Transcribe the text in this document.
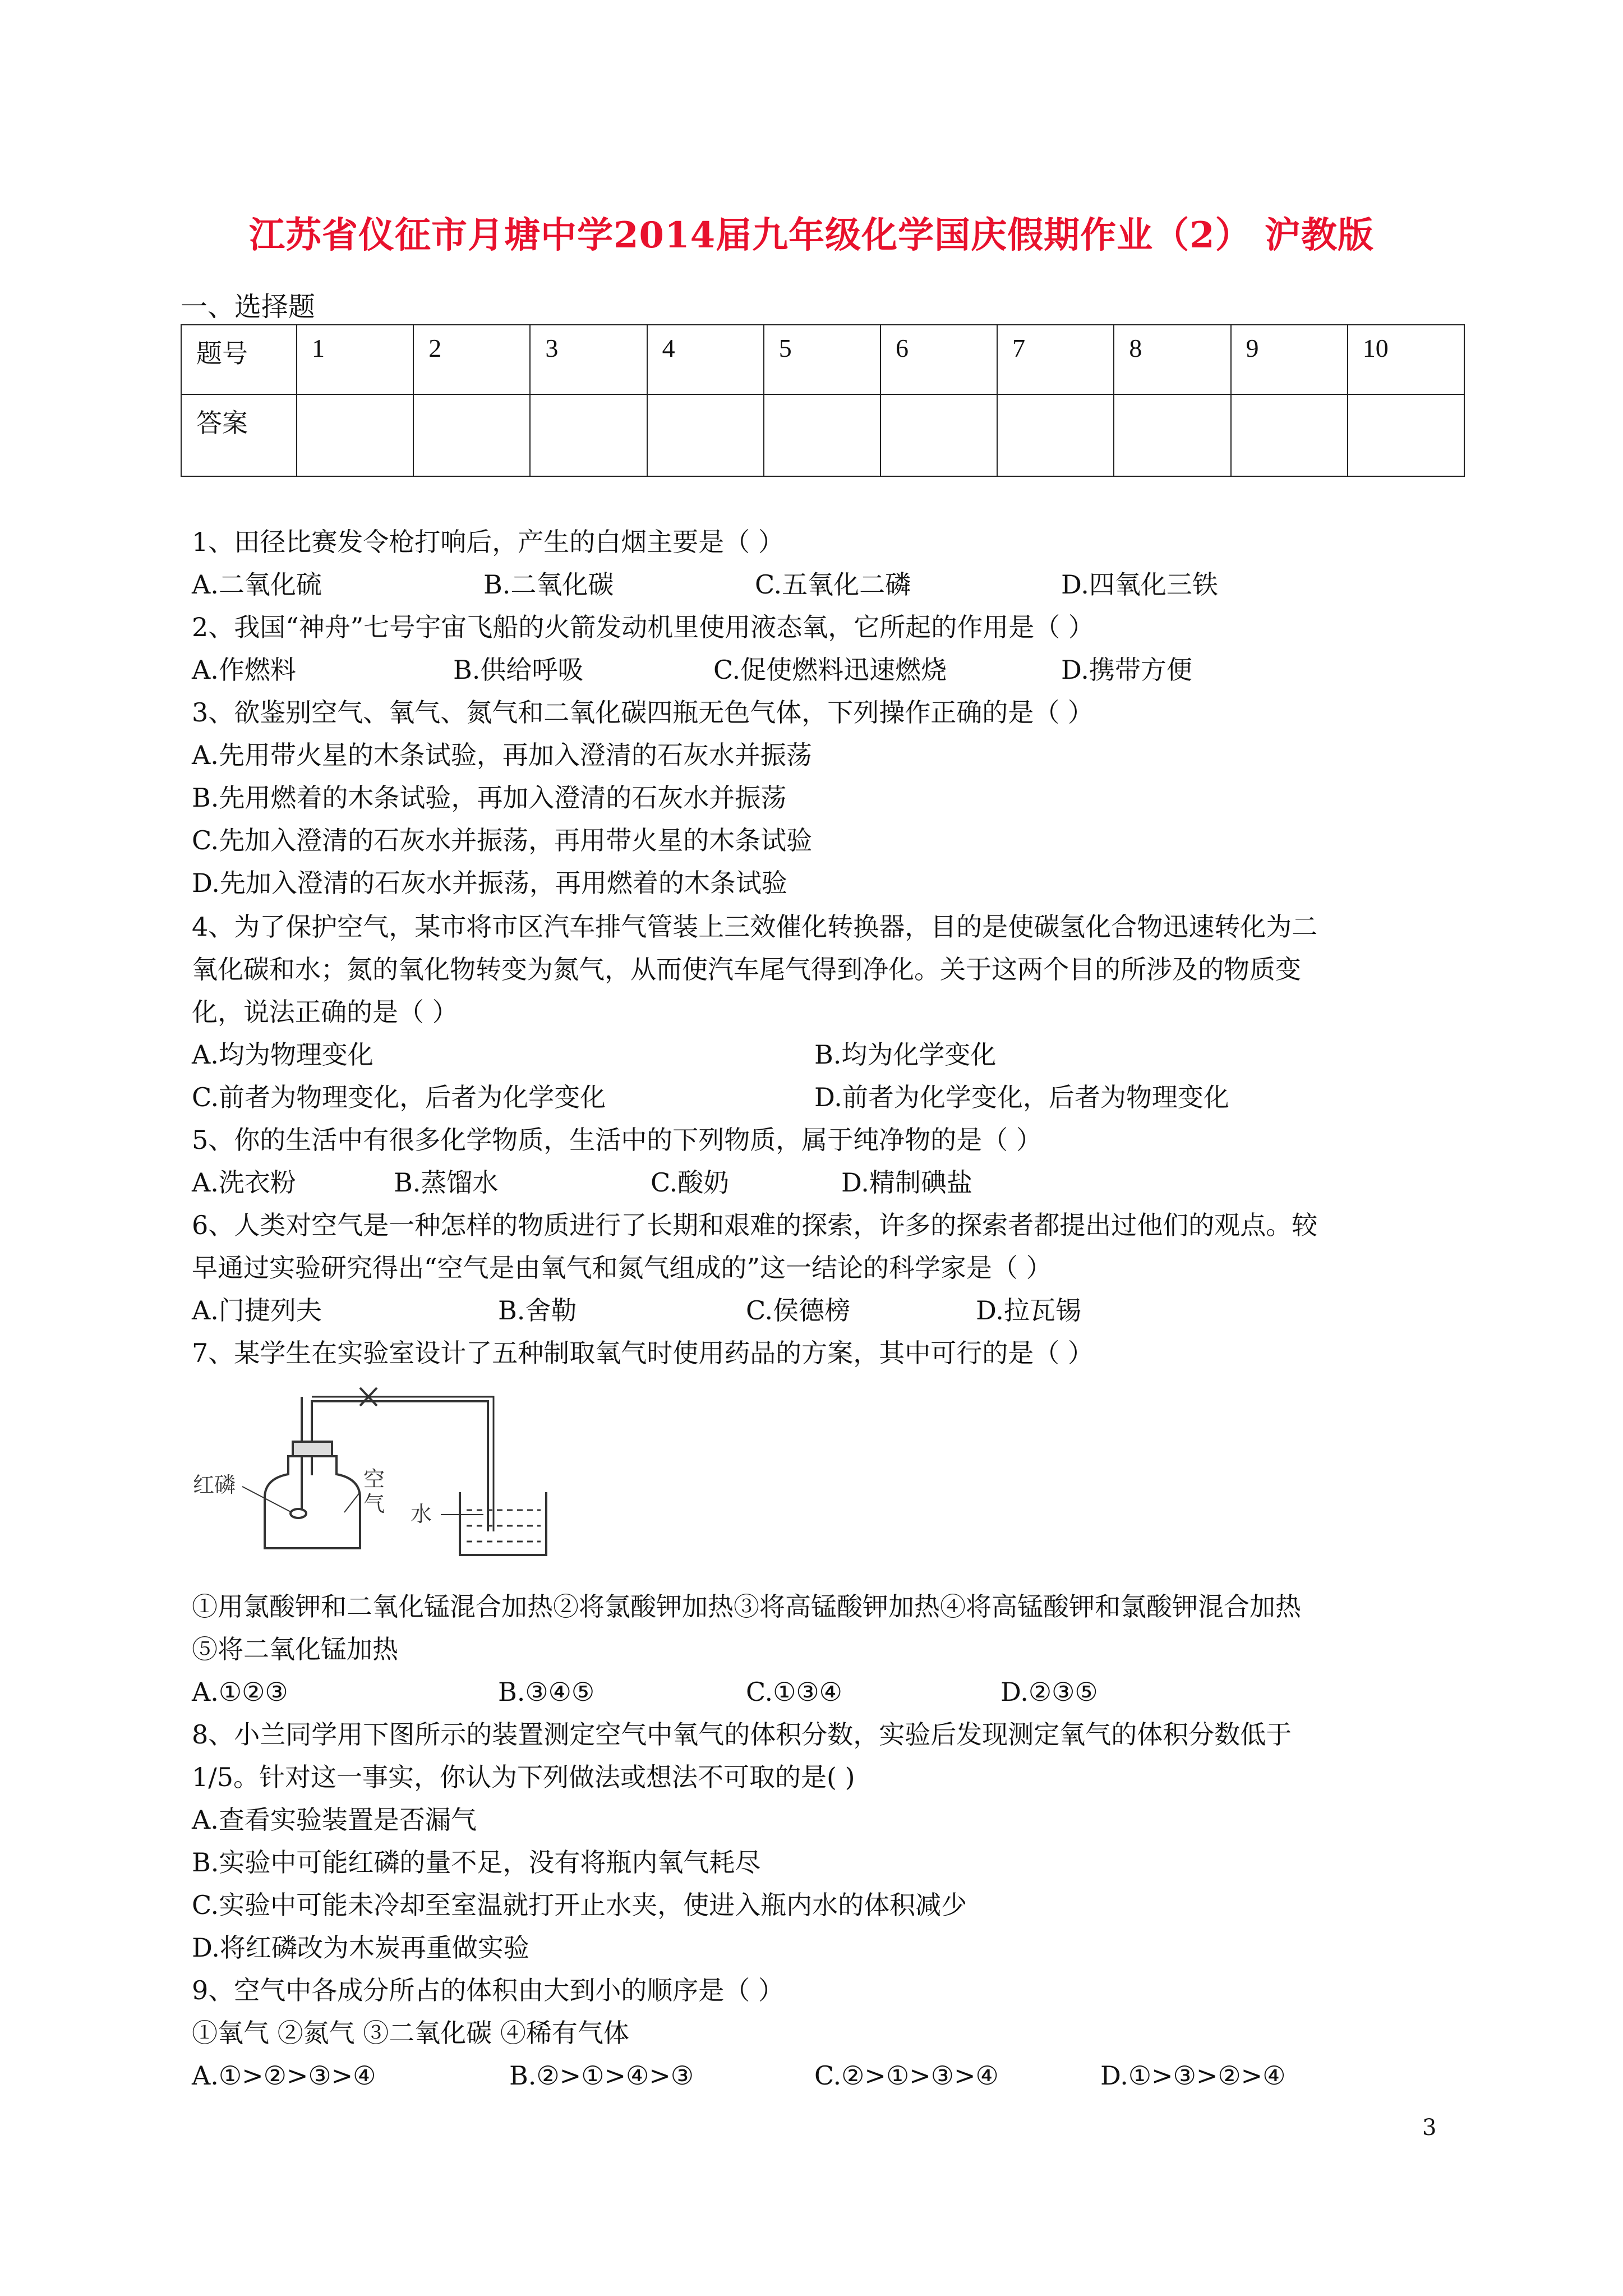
江苏省仪征市月塘中学2014届九年级化学国庆假期作业（2） 沪教版
一、选择题
题号	1	2	3	4	5	6	7	8	9	10
答案										
1、田径比赛发令枪打响后，产生的白烟主要是（ ）
A.二氧化硫	B.二氧化碳	C.五氧化二磷	D.四氧化三铁
2、我国“神舟”七号宇宙飞船的火箭发动机里使用液态氧，它所起的作用是（ ）
A.作燃料	B.供给呼吸	C.促使燃料迅速燃烧	D.携带方便
3、欲鉴别空气、氧气、氮气和二氧化碳四瓶无色气体，下列操作正确的是（ ）
A.先用带火星的木条试验，再加入澄清的石灰水并振荡
B.先用燃着的木条试验，再加入澄清的石灰水并振荡
C.先加入澄清的石灰水并振荡，再用带火星的木条试验
D.先加入澄清的石灰水并振荡，再用燃着的木条试验
4、为了保护空气，某市将市区汽车排气管装上三效催化转换器，目的是使碳氢化合物迅速转化为二
氧化碳和水；氮的氧化物转变为氮气，从而使汽车尾气得到净化。关于这两个目的所涉及的物质变
化，说法正确的是（ ）
A.均为物理变化	B.均为化学变化
C.前者为物理变化，后者为化学变化	D.前者为化学变化，后者为物理变化
5、你的生活中有很多化学物质，生活中的下列物质，属于纯净物的是（ ）
A.洗衣粉	B.蒸馏水	C.酸奶	D.精制碘盐
6、人类对空气是一种怎样的物质进行了长期和艰难的探索，许多的探索者都提出过他们的观点。较
早通过实验研究得出“空气是由氧气和氮气组成的”这一结论的科学家是（ ）
A.门捷列夫	B.舍勒	C.侯德榜	D.拉瓦锡
7、某学生在实验室设计了五种制取氧气时使用药品的方案，其中可行的是（ ）
红磷	空气 水
①用氯酸钾和二氧化锰混合加热②将氯酸钾加热③将高锰酸钾加热④将高锰酸钾和氯酸钾混合加热
⑤将二氧化锰加热
A.①②③	B.③④⑤	C.①③④	D.②③⑤
8、小兰同学用下图所示的装置测定空气中氧气的体积分数，实验后发现测定氧气的体积分数低于
1/5。针对这一事实，你认为下列做法或想法不可取的是( )
A.查看实验装置是否漏气
B.实验中可能红磷的量不足，没有将瓶内氧气耗尽
C.实验中可能未冷却至室温就打开止水夹，使进入瓶内水的体积减少
D.将红磷改为木炭再重做实验
9、空气中各成分所占的体积由大到小的顺序是（ ）
①氧气 ②氮气 ③二氧化碳 ④稀有气体
A.①>②>③>④	B.②>①>④>③	C.②>①>③>④	D.①>③>②>④
3
